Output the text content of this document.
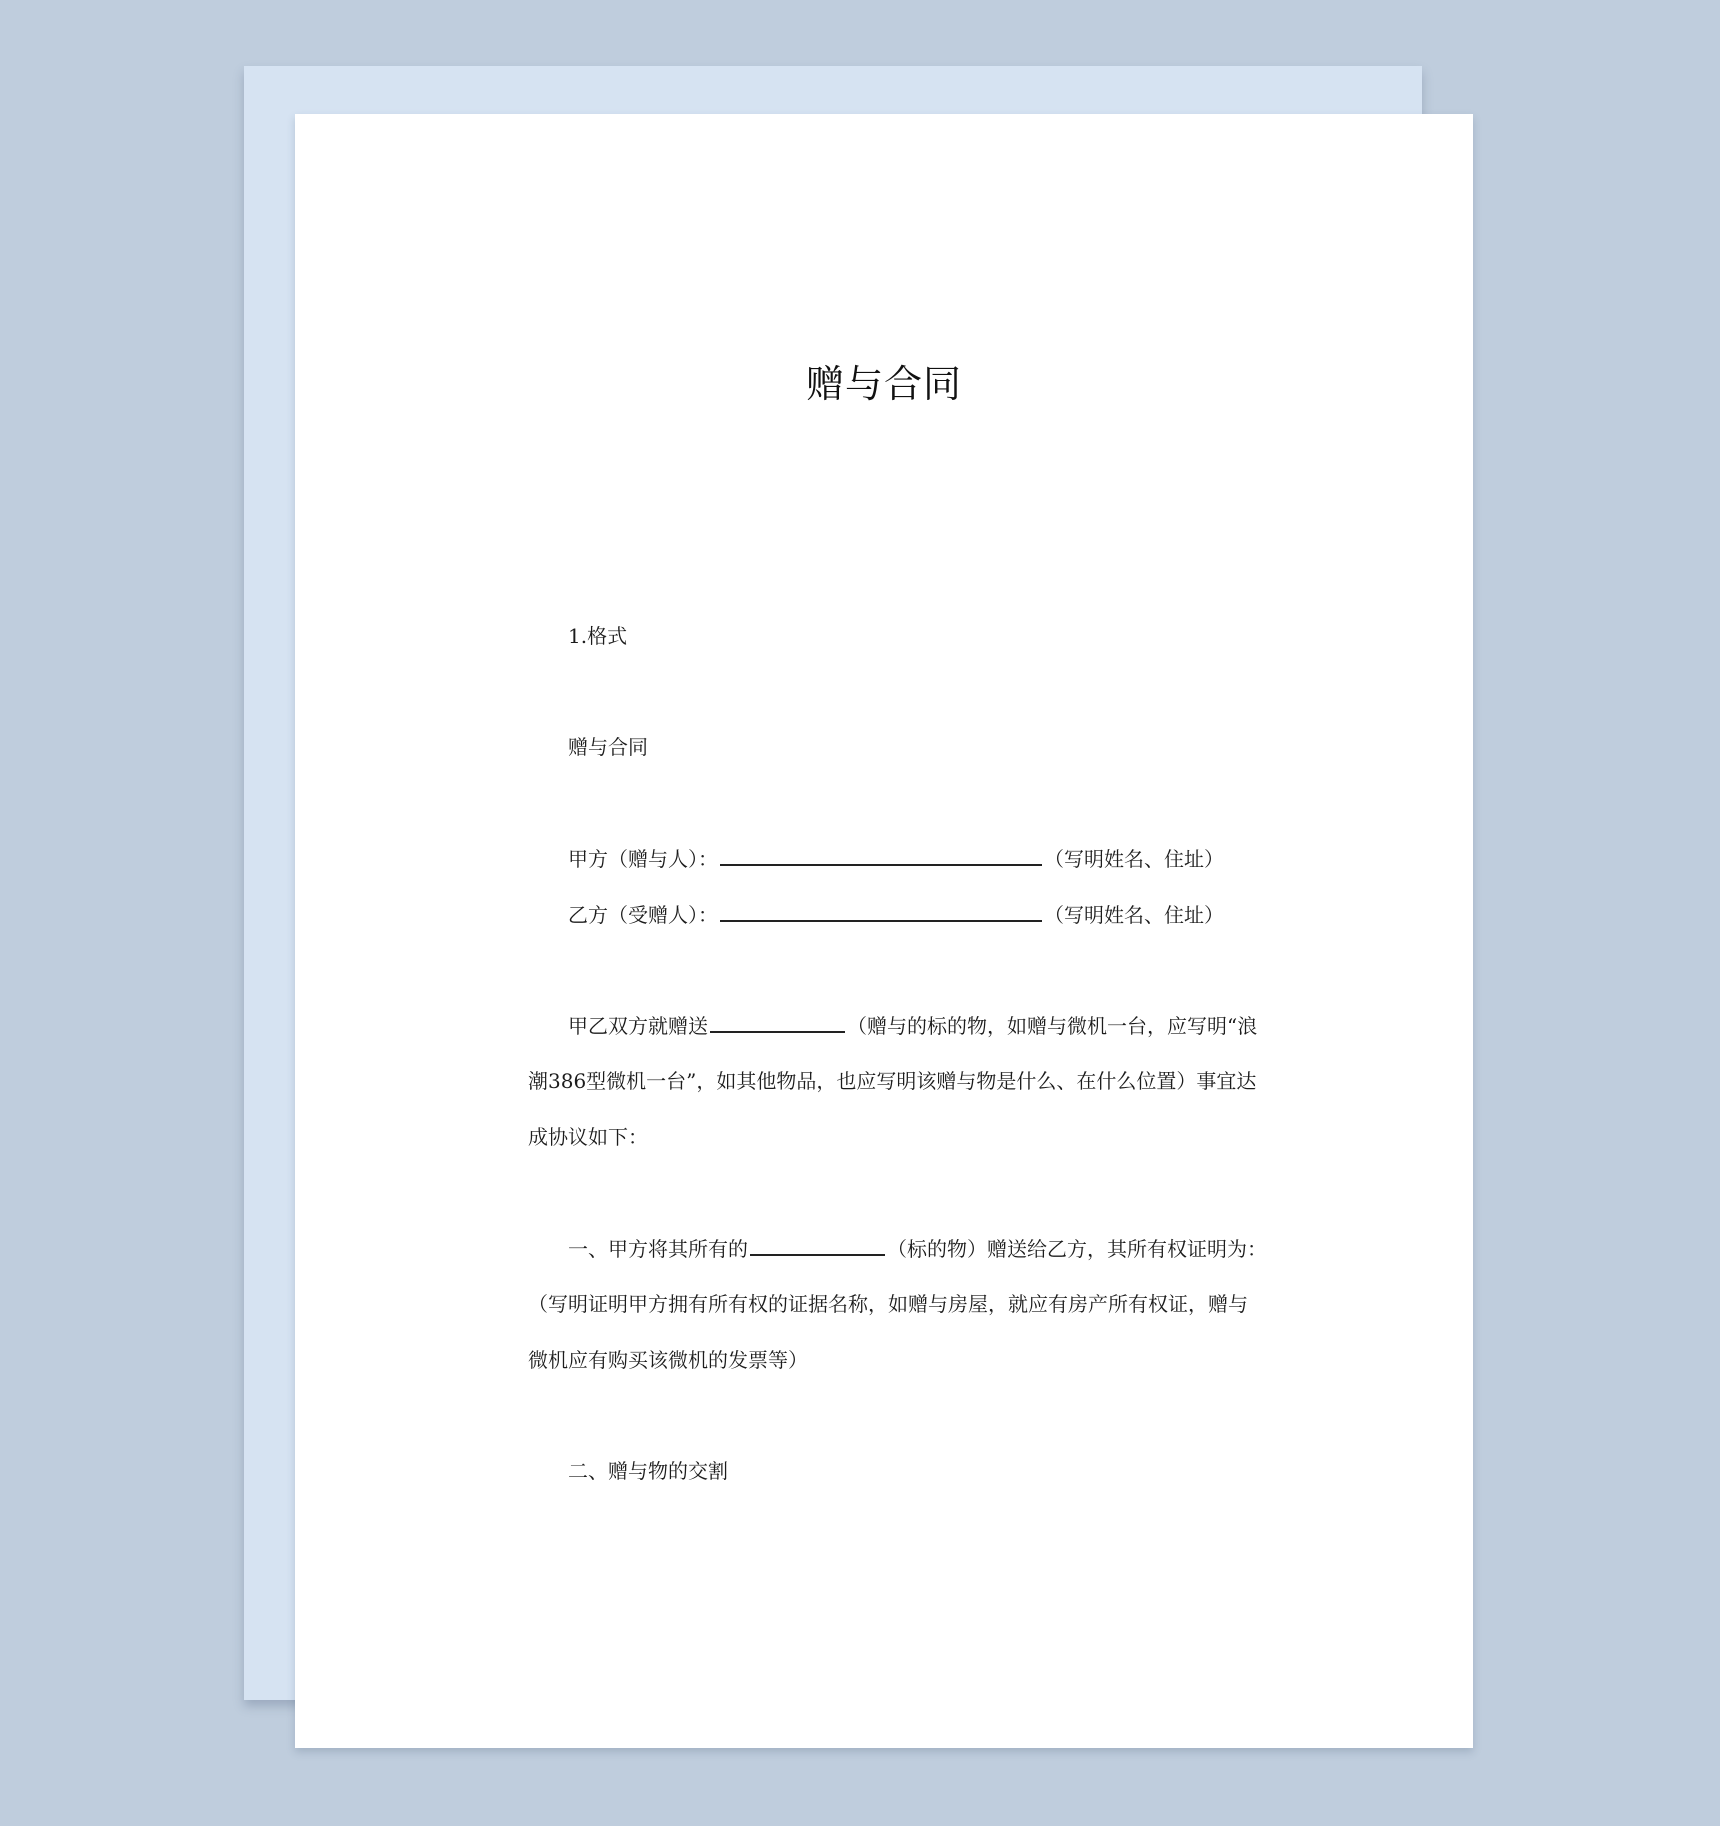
赠与合同
1.格式
赠与合同
甲方（赠与人）：	（写明姓名、住址）
乙方（受赠人）：	（写明姓名、住址）
甲乙双方就赠送	（赠与的标的物，如赠与微机一台，应写明“浪
潮386型微机一台”，如其他物品，也应写明该赠与物是什么、在什么位置）事宜达
成协议如下：
一、甲方将其所有的	（标的物）赠送给乙方，其所有权证明为：
（写明证明甲方拥有所有权的证据名称，如赠与房屋，就应有房产所有权证，赠与
微机应有购买该微机的发票等）
二、赠与物的交割
